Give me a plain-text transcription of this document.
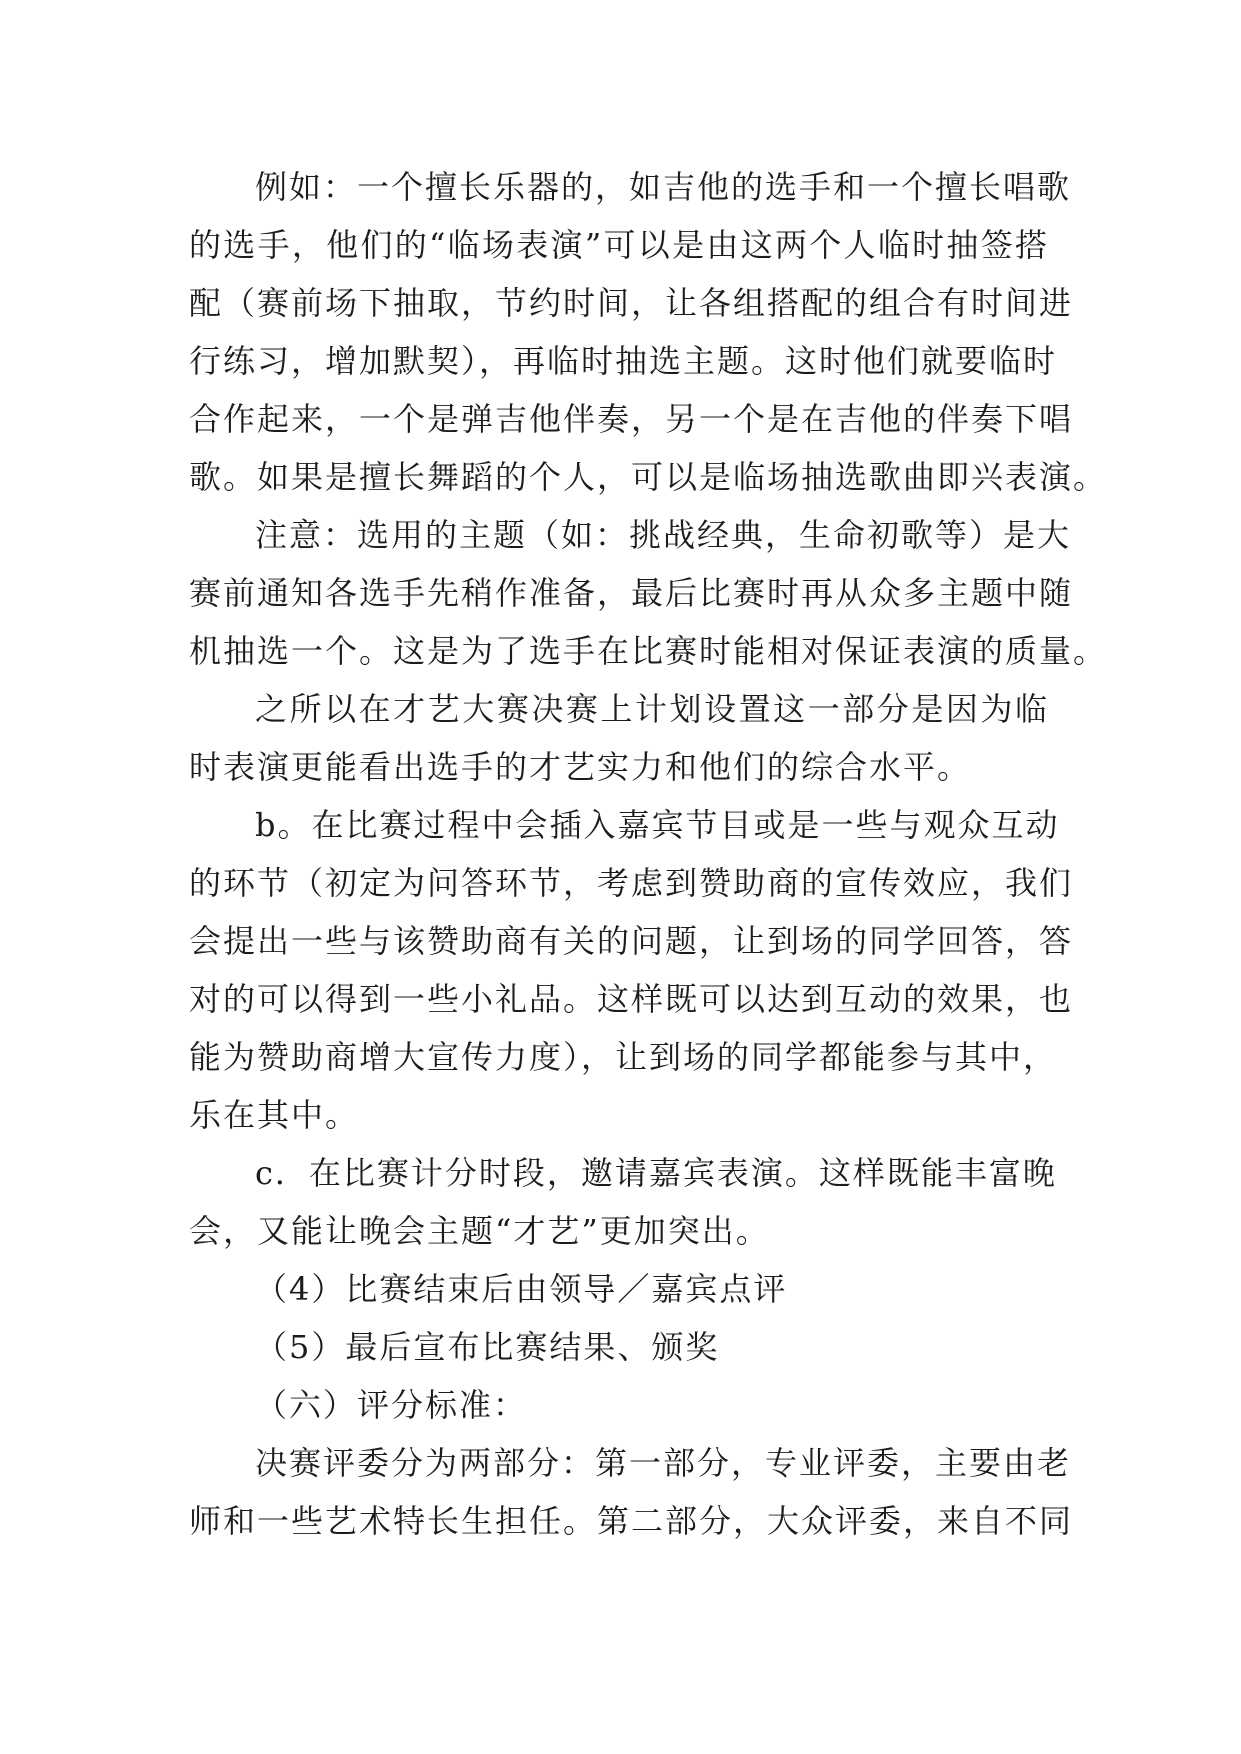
例如：一个擅长乐器的，如吉他的选手和一个擅长唱歌
的选手，他们的“临场表演”可以是由这两个人临时抽签搭
配（赛前场下抽取，节约时间，让各组搭配的组合有时间进
行练习，增加默契），再临时抽选主题。这时他们就要临时
合作起来，一个是弹吉他伴奏，另一个是在吉他的伴奏下唱
歌。如果是擅长舞蹈的个人，可以是临场抽选歌曲即兴表演。
注意：选用的主题（如：挑战经典，生命初歌等）是大
赛前通知各选手先稍作准备，最后比赛时再从众多主题中随
机抽选一个。这是为了选手在比赛时能相对保证表演的质量。
之所以在才艺大赛决赛上计划设置这一部分是因为临
时表演更能看出选手的才艺实力和他们的综合水平。
b。在比赛过程中会插入嘉宾节目或是一些与观众互动
的环节（初定为问答环节，考虑到赞助商的宣传效应，我们
会提出一些与该赞助商有关的问题，让到场的同学回答，答
对的可以得到一些小礼品。这样既可以达到互动的效果，也
能为赞助商增大宣传力度），让到场的同学都能参与其中，
乐在其中。
c．在比赛计分时段，邀请嘉宾表演。这样既能丰富晚
会，又能让晚会主题“才艺”更加突出。
（4）比赛结束后由领导／嘉宾点评
（5）最后宣布比赛结果、颁奖
（六）评分标准：
决赛评委分为两部分：第一部分，专业评委，主要由老
师和一些艺术特长生担任。第二部分，大众评委，来自不同
